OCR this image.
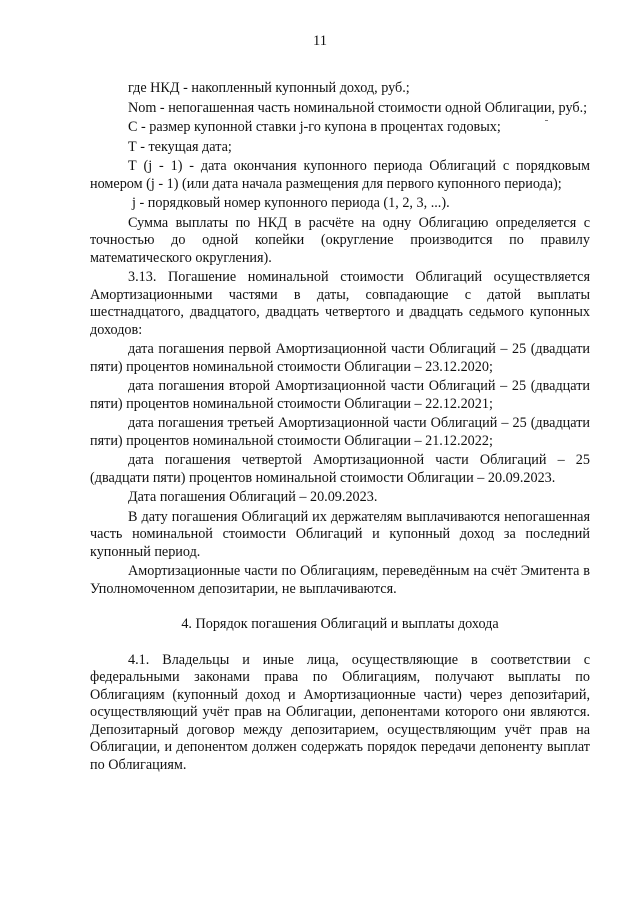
11

где НКД - накопленный купонный доход, руб.;

Nom - непогашенная часть номинальной стоимости одной Облигации, руб.;

С - размер купонной ставки j-го купона в процентах годовых;

Т - текущая дата;

Т (j - 1) - дата окончания купонного периода Облигаций с порядковым номером (j - 1) (или дата начала размещения для первого купонного периода);

j - порядковый номер купонного периода (1, 2, 3, ...).

Сумма выплаты по НКД в расчёте на одну Облигацию определяется с точностью до одной копейки (округление производится по правилу математического округления).

3.13. Погашение номинальной стоимости Облигаций осуществляется Амортизационными частями в даты, совпадающие с датой выплаты шестнадцатого, двадцатого, двадцать четвертого и двадцать седьмого купонных доходов:

дата погашения первой Амортизационной части Облигаций – 25 (двадцати пяти) процентов номинальной стоимости Облигации – 23.12.2020;

дата погашения второй Амортизационной части Облигаций – 25 (двадцати пяти) процентов номинальной стоимости Облигации – 22.12.2021;

дата погашения третьей Амортизационной части Облигаций – 25 (двадцати пяти) процентов номинальной стоимости Облигации – 21.12.2022;

дата погашения четвертой Амортизационной части Облигаций – 25 (двадцати пяти) процентов номинальной стоимости Облигации – 20.09.2023.

Дата погашения Облигаций – 20.09.2023.

В дату погашения Облигаций их держателям выплачиваются непогашенная часть номинальной стоимости Облигаций и купонный доход за последний купонный период.

Амортизационные части по Облигациям, переведённым на счёт Эмитента в Уполномоченном депозитарии, не выплачиваются.

4. Порядок погашения Облигаций и выплаты дохода

4.1. Владельцы и иные лица, осуществляющие в соответствии с федеральными законами права по Облигациям, получают выплаты по Облигациям (купонный доход и Амортизационные части) через депозитарий, осуществляющий учёт прав на Облигации, депонентами которого они являются. Депозитарный договор между депозитарием, осуществляющим учёт прав на Облигации, и депонентом должен содержать порядок передачи депоненту выплат по Облигациям.
